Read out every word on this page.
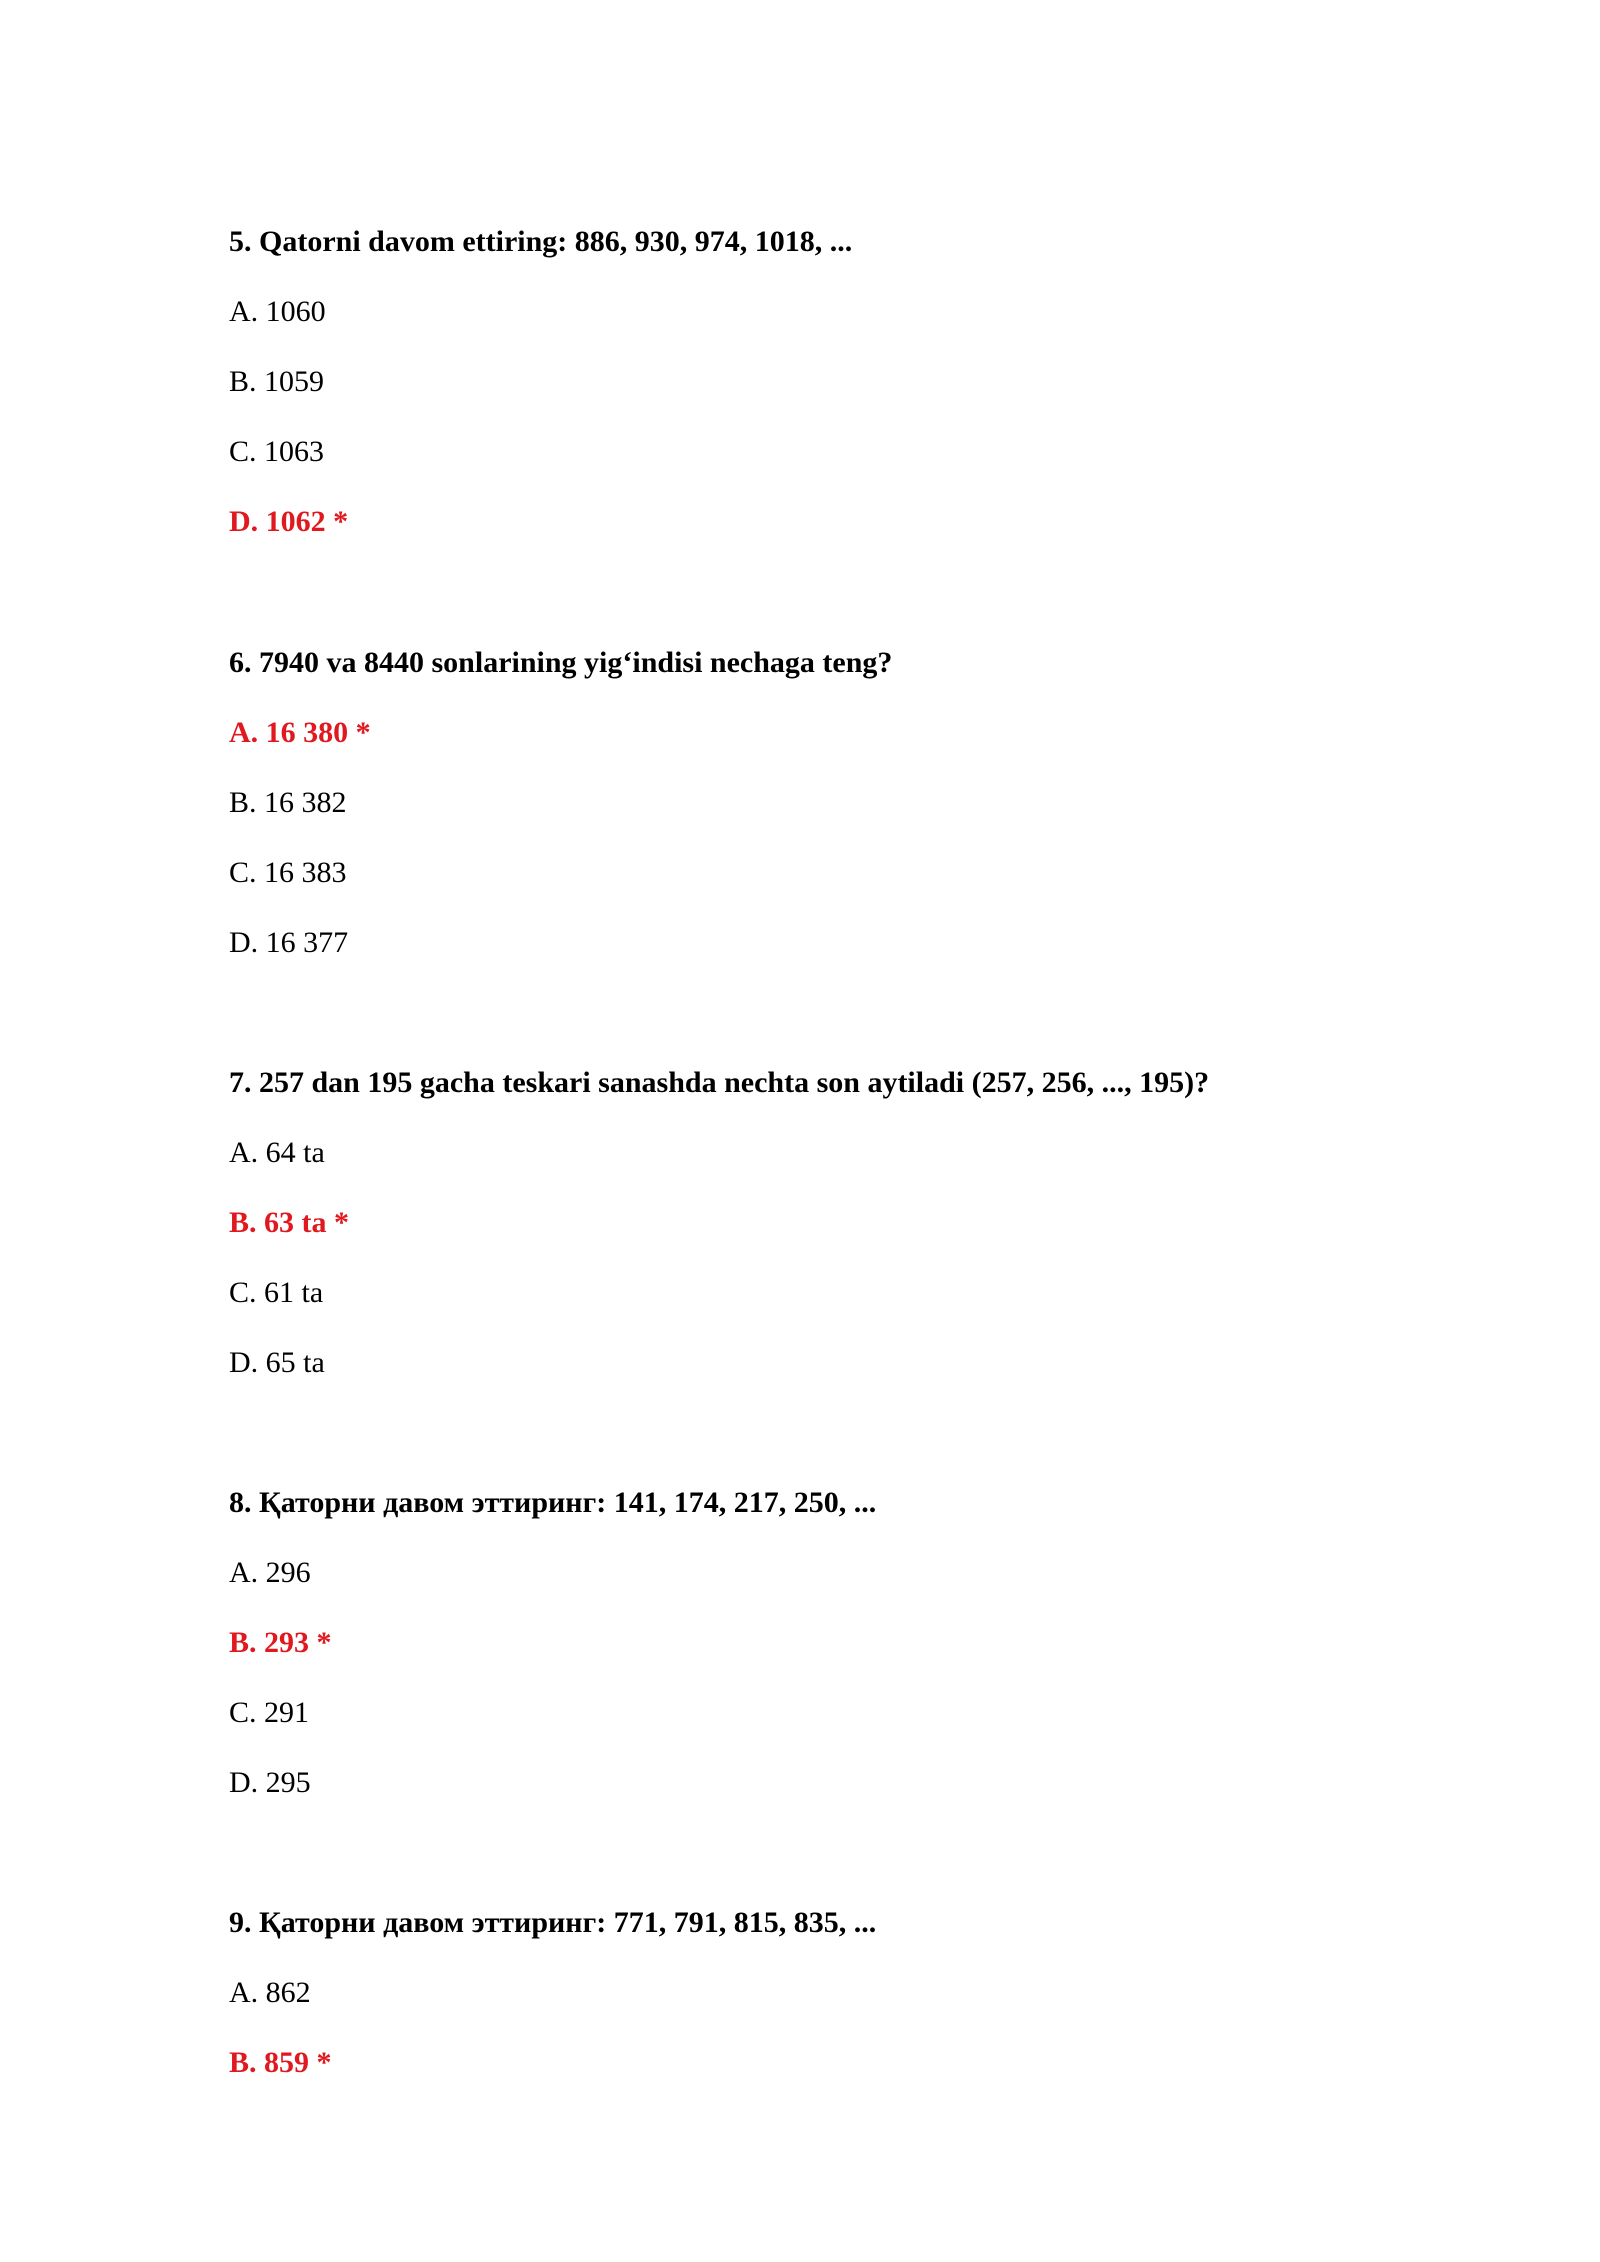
5. Qatorni davom ettiring: 886, 930, 974, 1018, ...

A. 1060
B. 1059
C. 1063
D. 1062 *

6. 7940 va 8440 sonlarining yig‘indisi nechaga teng?

A. 16 380 *
B. 16 382
C. 16 383
D. 16 377

7. 257 dan 195 gacha teskari sanashda nechta son aytiladi (257, 256, ..., 195)?

A. 64 ta
B. 63 ta *
C. 61 ta
D. 65 ta

8. Қаторни давом эттиринг: 141, 174, 217, 250, ...

A. 296
B. 293 *
C. 291
D. 295

9. Қаторни давом эттиринг: 771, 791, 815, 835, ...

A. 862
B. 859 *
